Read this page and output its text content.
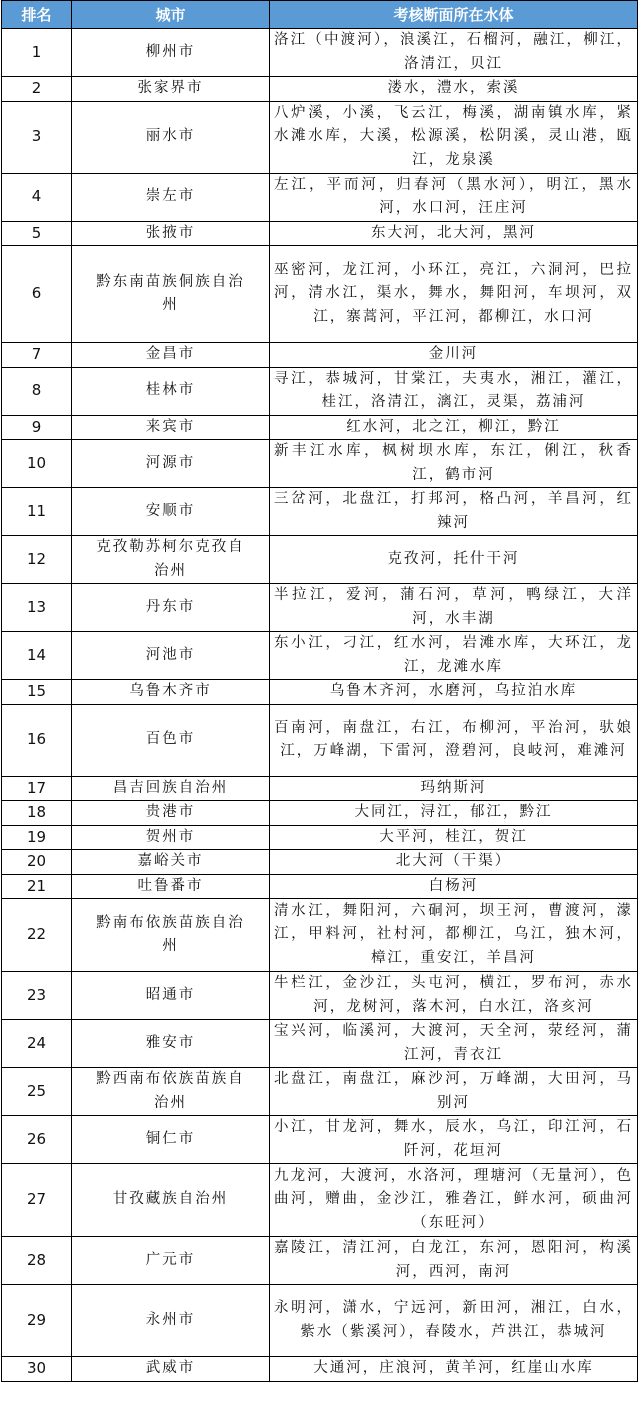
排名	城市	考核断面所在水体
1	柳州市	洛江（中渡河），浪溪江，石榴河，融江，柳江，洛清江，贝江
2	张家界市	溇水，澧水，索溪
3	丽水市	八炉溪，小溪，飞云江，梅溪，湖南镇水库，紧水滩水库，大溪，松源溪，松阴溪，灵山港，瓯江，龙泉溪
4	崇左市	左江，平而河，归春河（黑水河），明江，黑水河，水口河，汪庄河
5	张掖市	东大河，北大河，黑河
6	黔东南苗族侗族自治州	巫密河，龙江河，小环江，亮江，六洞河，巴拉河，清水江，渠水，舞水，舞阳河，车坝河，双江，寨蒿河，平江河，都柳江，水口河
7	金昌市	金川河
8	桂林市	寻江，恭城河，甘棠江，夫夷水，湘江，灌江，桂江，洛清江，漓江，灵渠，荔浦河
9	来宾市	红水河，北之江，柳江，黔江
10	河源市	新丰江水库，枫树坝水库，东江，俐江，秋香江，鹤市河
11	安顺市	三岔河，北盘江，打邦河，格凸河，羊昌河，红辣河
12	克孜勒苏柯尔克孜自治州	克孜河，托什干河
13	丹东市	半拉江，爱河，蒲石河，草河，鸭绿江，大洋河，水丰湖
14	河池市	东小江，刁江，红水河，岩滩水库，大环江，龙江，龙滩水库
15	乌鲁木齐市	乌鲁木齐河，水磨河，乌拉泊水库
16	百色市	百南河，南盘江，右江，布柳河，平治河，驮娘江，万峰湖，下雷河，澄碧河，良岐河，难滩河
17	昌吉回族自治州	玛纳斯河
18	贵港市	大同江，浔江，郁江，黔江
19	贺州市	大平河，桂江，贺江
20	嘉峪关市	北大河（干渠）
21	吐鲁番市	白杨河
22	黔南布依族苗族自治州	清水江，舞阳河，六硐河，坝王河，曹渡河，濛江，甲料河，社村河，都柳江，乌江，独木河，樟江，重安江，羊昌河
23	昭通市	牛栏江，金沙江，头屯河，横江，罗布河，赤水河，龙树河，落木河，白水江，洛亥河
24	雅安市	宝兴河，临溪河，大渡河，天全河，荥经河，蒲江河，青衣江
25	黔西南布依族苗族自治州	北盘江，南盘江，麻沙河，万峰湖，大田河，马别河
26	铜仁市	小江，甘龙河，舞水，辰水，乌江，印江河，石阡河，花垣河
27	甘孜藏族自治州	九龙河，大渡河，水洛河，理塘河（无量河），色曲河，赠曲，金沙江，雅砻江，鲜水河，硕曲河（东旺河）
28	广元市	嘉陵江，清江河，白龙江，东河，恩阳河，构溪河，西河，南河
29	永州市	永明河，潇水，宁远河，新田河，湘江，白水，紫水（紫溪河），春陵水，芦洪江，恭城河
30	武威市	大通河，庄浪河，黄羊河，红崖山水库
